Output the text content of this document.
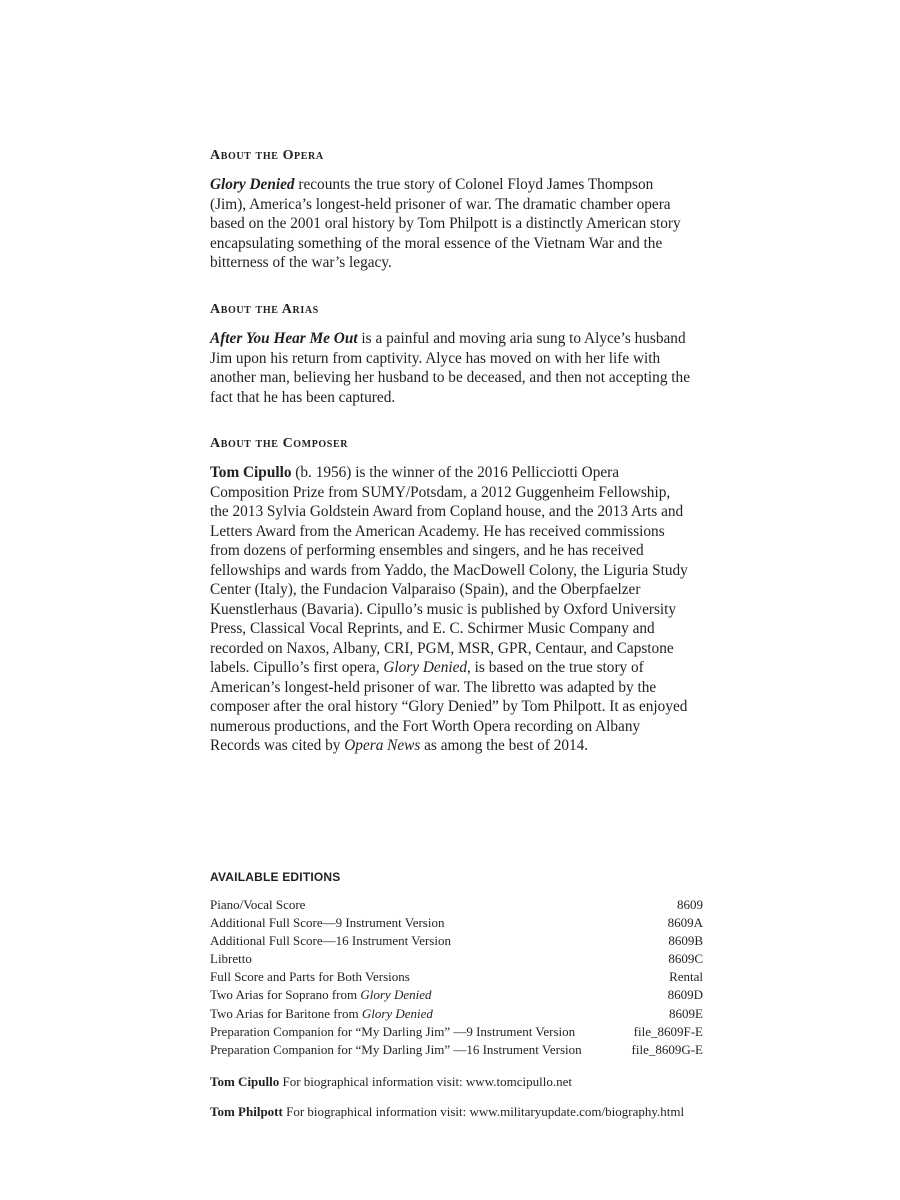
About the Opera

Glory Denied recounts the true story of Colonel Floyd James Thompson (Jim), America’s longest-held prisoner of war. The dramatic chamber opera based on the 2001 oral history by Tom Philpott is a distinctly American story encapsulating something of the moral essence of the Vietnam War and the bitterness of the war’s legacy.

About the Arias

After You Hear Me Out is a painful and moving aria sung to Alyce’s husband Jim upon his return from captivity. Alyce has moved on with her life with another man, believing her husband to be deceased, and then not accepting the fact that he has been captured.

About the Composer

Tom Cipullo (b. 1956) is the winner of the 2016 Pellicciotti Opera Composition Prize from SUMY/Potsdam, a 2012 Guggenheim Fellowship, the 2013 Sylvia Goldstein Award from Copland house, and the 2013 Arts and Letters Award from the American Academy. He has received commissions from dozens of performing ensembles and singers, and he has received fellowships and wards from Yaddo, the MacDowell Colony, the Liguria Study Center (Italy), the Fundacion Valparaiso (Spain), and the Oberpfaelzer Kuenstlerhaus (Bavaria). Cipullo’s music is published by Oxford University Press, Classical Vocal Reprints, and E. C. Schirmer Music Company and recorded on Naxos, Albany, CRI, PGM, MSR, GPR, Centaur, and Capstone labels. Cipullo’s first opera, Glory Denied, is based on the true story of American’s longest-held prisoner of war. The libretto was adapted by the composer after the oral history “Glory Denied” by Tom Philpott. It as enjoyed numerous productions, and the Fort Worth Opera recording on Albany Records was cited by Opera News as among the best of 2014.

AVAILABLE EDITIONS
Piano/Vocal Score	8609
Additional Full Score—9 Instrument Version	8609A
Additional Full Score—16 Instrument Version	8609B
Libretto	8609C
Full Score and Parts for Both Versions	Rental
Two Arias for Soprano from Glory Denied	8609D
Two Arias for Baritone from Glory Denied	8609E
Preparation Companion for “My Darling Jim” —9 Instrument Version	file_8609F-E
Preparation Companion for “My Darling Jim” —16 Instrument Version	file_8609G-E
Tom Cipullo For biographical information visit: www.tomcipullo.net
Tom Philpott For biographical information visit: www.militaryupdate.com/biography.html
